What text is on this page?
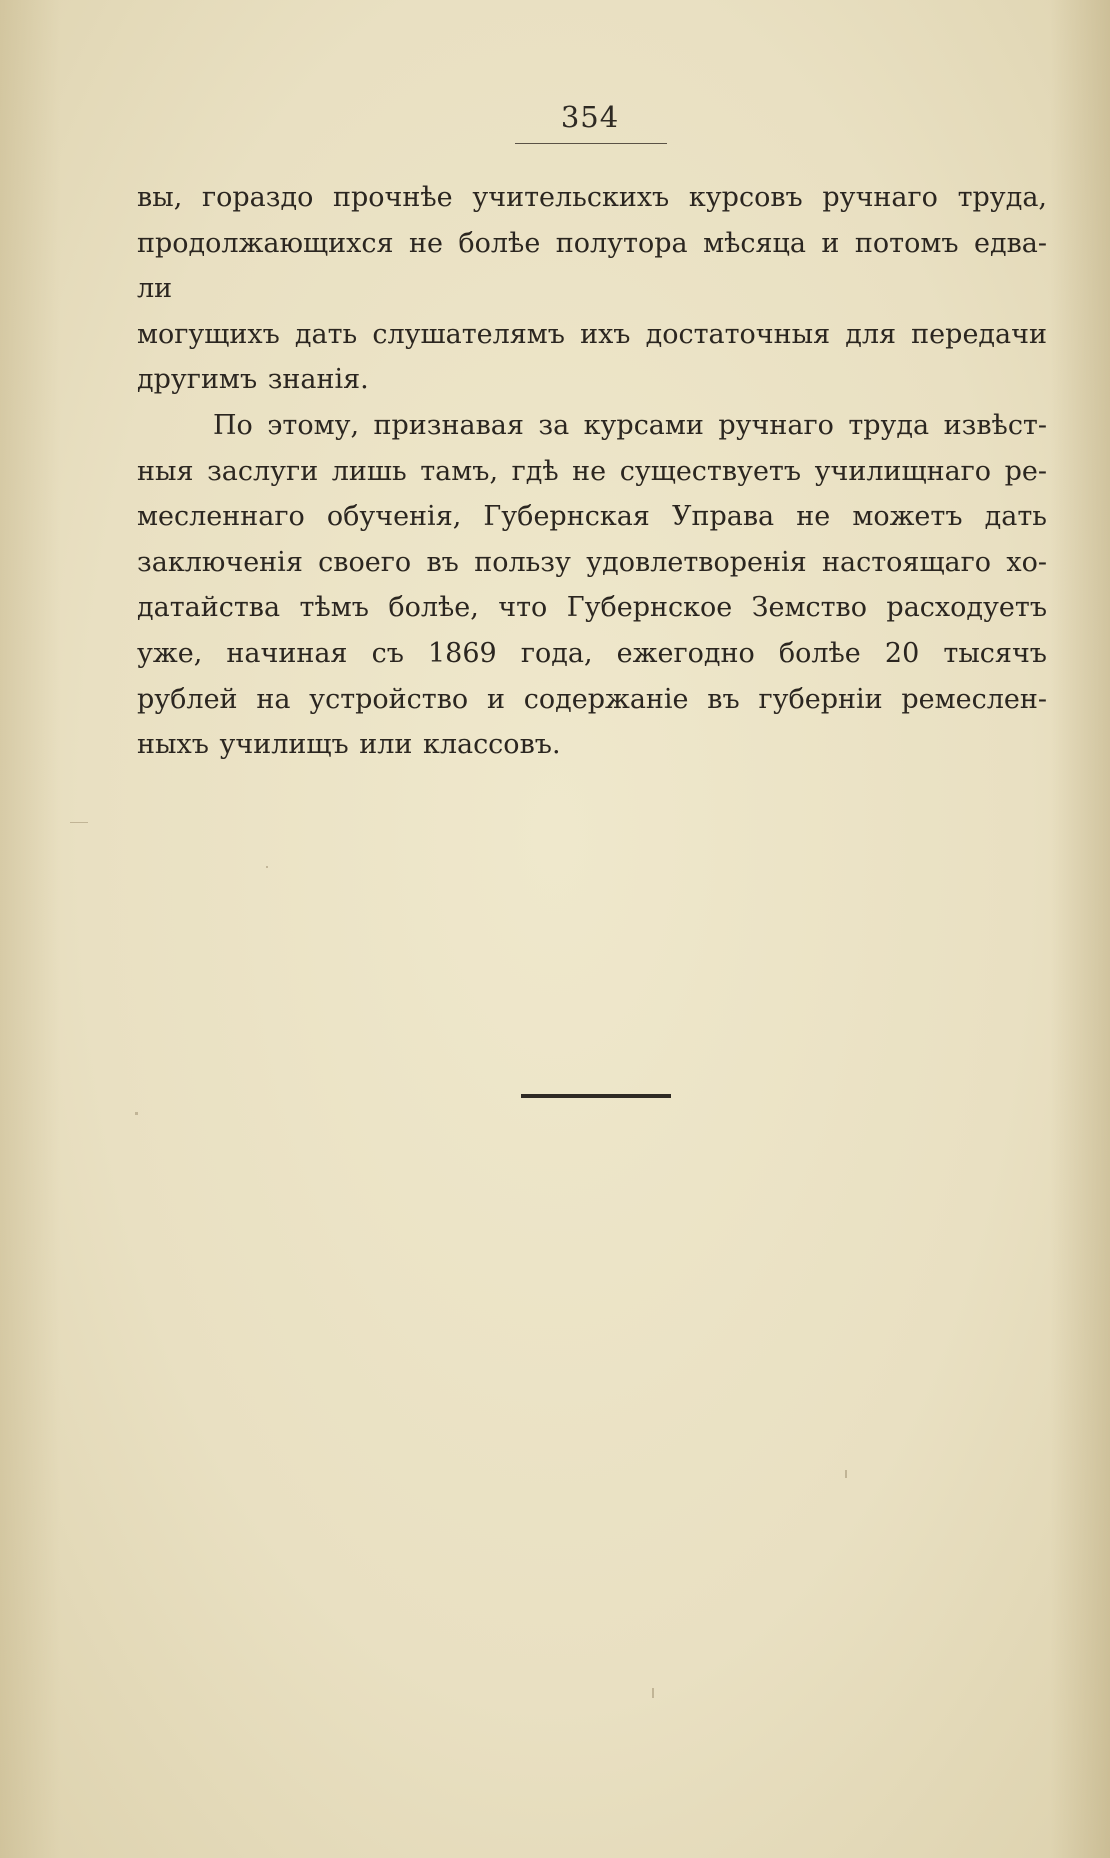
354
вы, гораздо прочнѣе учительскихъ курсовъ ручнаго труда,
продолжающихся не болѣе полутора мѣсяца и потомъ едва-ли
могущихъ дать слушателямъ ихъ достаточныя для передачи
другимъ знанія.
По этому, признавая за курсами ручнаго труда извѣст-
ныя заслуги лишь тамъ, гдѣ не существуетъ училищнаго ре-
месленнаго обученія, Губернская Управа не можетъ дать
заключенія своего въ пользу удовлетворенія настоящаго хо-
датайства тѣмъ болѣе, что Губернское Земство расходуетъ
уже, начиная съ 1869 года, ежегодно болѣе 20 тысячъ
рублей на устройство и содержаніе въ губерніи ремеслен-
ныхъ училищъ или классовъ.
